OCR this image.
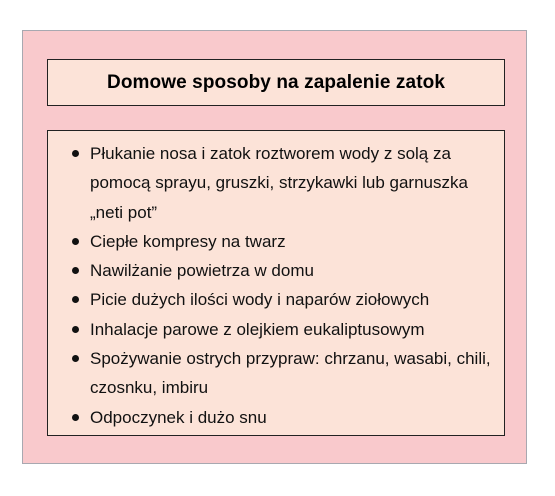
Domowe sposoby na zapalenie zatok
Płukanie nosa i zatok roztworem wody z solą za pomocą sprayu, gruszki, strzykawki lub garnuszka „neti pot”
Ciepłe kompresy na twarz
Nawilżanie powietrza w domu
Picie dużych ilości wody i naparów ziołowych
Inhalacje parowe z olejkiem eukaliptusowym
Spożywanie ostrych przypraw: chrzanu, wasabi, chili, czosnku, imbiru
Odpoczynek i dużo snu
